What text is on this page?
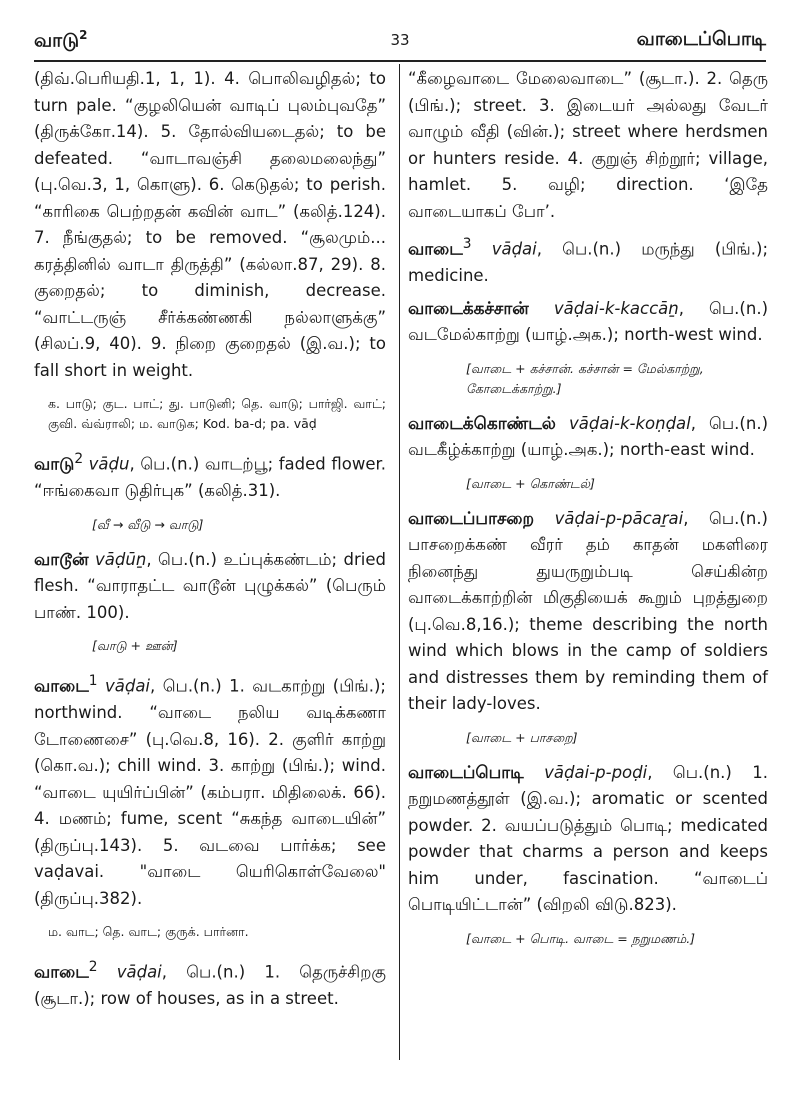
வாடு$^2$	33	வாடைப்பொடி

(திவ்.பெரியதி.1, 1, 1). 4. பொலிவழிதல்; to turn pale. “குழலியென் வாடிப் புலம்புவதே” (திருக்கோ.14). 5. தோல்வியடைதல்; to be defeated. “வாடாவஞ்சி தலைமலைந்து” (பு.வெ.3, 1, கொளு). 6. கெடுதல்; to perish. “காரிகை பெற்றதன் கவின் வாட” (கலித்.124). 7. நீங்குதல்; to be removed. “சூலமும்... கரத்தினில் வாடா திருத்தி” (கல்லா.87, 29). 8. குறைதல்; to diminish, decrease. “வாட்டருஞ் சீர்க்கண்ணகி நல்லாளுக்கு” (சிலப்.9, 40). 9. நிறை குறைதல் (இ.வ.); to fall short in weight.

க. பாடு; குட. பாட்; து. பாடுனி; தெ. வாடு; பார்ஜி. வாட்; குவி. வ்வ்ராலி; ம. வாடுக; Kod. ba-d; pa. vāḍ

வாடு$^2$ vāḍu, பெ.(n.) வாடற்பூ; faded flower. “ஈங்கைவா டுதிர்புக” (கலித்.31).

[வீ → வீடு → வாடு]

வாடூன் vāḍūṉ, பெ.(n.) உப்புக்கண்டம்; dried flesh. “வாராதட்ட வாடூன் புழுக்கல்” (பெரும் பாண். 100).

[வாடு + ஊன்]

வாடை$^1$ vāḍai, பெ.(n.) 1. வடகாற்று (பிங்.); northwind. “வாடை நலிய வடிக்கணா டோணைசை” (பு.வெ.8, 16). 2. குளிர் காற்று (கொ.வ.); chill wind. 3. காற்று (பிங்.); wind. “வாடை யுயிர்ப்பின்” (கம்பரா. மிதிலைக். 66). 4. மணம்; fume, scent “சுகந்த வாடையின்” (திருப்பு.143). 5. வடவை பார்க்க; see vaḍavai. "வாடை யெரிகொள்வேலை" (திருப்பு.382).

ம. வாட; தெ. வாட; குருக். பார்னா.

வாடை$^2$ vāḍai, பெ.(n.) 1. தெருச்சிறகு (சூடா.); row of houses, as in a street.

“கீழைவாடை மேலைவாடை” (சூடா.). 2. தெரு (பிங்.); street. 3. இடையர் அல்லது வேடர் வாழும் வீதி (வின்.); street where herdsmen or hunters reside. 4. குறுஞ் சிற்றூர்; village, hamlet. 5. வழி; direction. ‘இதே வாடையாகப் போ’.

வாடை$^3$ vāḍai, பெ.(n.) மருந்து (பிங்.); medicine.

வாடைக்கச்சான் vāḍai-k-kaccāṉ, பெ.(n.) வடமேல்காற்று (யாழ்.அக.); north-west wind.

[வாடை + கச்சான். கச்சான் = மேல்காற்று, கோடைக்காற்று.]

வாடைக்கொண்டல் vāḍai-k-koṇḍal, பெ.(n.) வடகீழ்க்காற்று (யாழ்.அக.); north-east wind.

[வாடை + கொண்டல்]

வாடைப்பாசறை vāḍai-p-pācaṟai, பெ.(n.) பாசறைக்கண் வீரர் தம் காதன் மகளிரை நினைந்து துயருறும்படி செய்கின்ற வாடைக்காற்றின் மிகுதியைக் கூறும் புறத்துறை (பு.வெ.8,16.); theme describing the north wind which blows in the camp of soldiers and distresses them by reminding them of their lady-loves.

[வாடை + பாசறை]

வாடைப்பொடி vāḍai-p-poḍi, பெ.(n.) 1. நறுமணத்தூள் (இ.வ.); aromatic or scented powder. 2. வயப்படுத்தும் பொடி; medicated powder that charms a person and keeps him under, fascination. “வாடைப் பொடியிட்டான்” (விறலி விடு.823).

[வாடை + பொடி. வாடை = நறுமணம்.]
